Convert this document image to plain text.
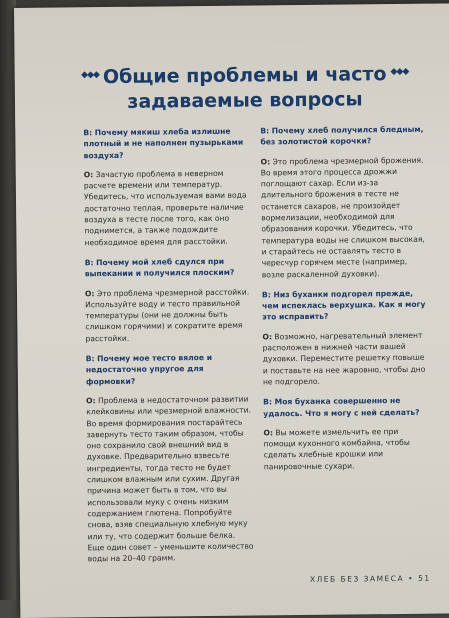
◆◆◆ Общие проблемы и часто ◆◆◆

задаваемые вопросы

В: Почему мякиш хлеба излишне плотный и не наполнен пузырьками воздуха?

О: Зачастую проблема в неверном расчете времени или температур. Убедитесь, что используемая вами вода достаточно теплая, проверьте наличие воздуха в тесте после того, как оно поднимется, а также подождите необходимое время для расстойки.

В: Почему мой хлеб сдулся при выпекании и получился плоским?

О: Это проблема чрезмерной расстойки. Используйте воду и тесто правильной температуры (они не должны быть слишком горячими) и сократите время расстойки.

В: Почему мое тесто вялое и недостаточно упругое для формовки?

О: Проблема в недостаточном развитии клейковины или чрезмерной влажности. Во время формирования постарайтесь завернуть тесто таким образом, чтобы оно сохранило свой внешний вид в духовке. Предварительно взвесьте ингредиенты, тогда тесто не будет слишком влажным или сухим. Другая причина может быть в том, что вы использовали муку с очень низким содержанием глютена. Попробуйте снова, взяв специальную хлебную муку или ту, что содержит больше белка. Еще один совет – уменьшите количество воды на 20–40 грамм.

В: Почему хлеб получился бледным, без золотистой корочки?

О: Это проблема чрезмерной брожения. Во время этого процесса дрожжи поглощают сахар. Если из-за длительного брожения в тесте не останется сахаров, не произойдет вормелизации, необходимой для образования корочки. Убедитесь, что температура воды не слишком высокая, и старайтесь не оставлять тесто в чересчур горячем месте (например, возле раскаленной духовки).

В: Низ буханки подгорел прежде, чем испеклась верхушка. Как я могу это исправить?

О: Возможно, нагревательный элемент расположен в нижней части вашей духовки. Переместите решетку повыше и поставьте на нее жаровню, чтобы дно не подгорело.

В: Моя буханка совершенно не удалось. Что я могу с ней сделать?

О: Вы можете измельчить ее при помощи кухонного комбайна, чтобы сделать хлебные крошки или панировочные сухари.

ХЛЕБ БЕЗ ЗАМЕСА • 51
